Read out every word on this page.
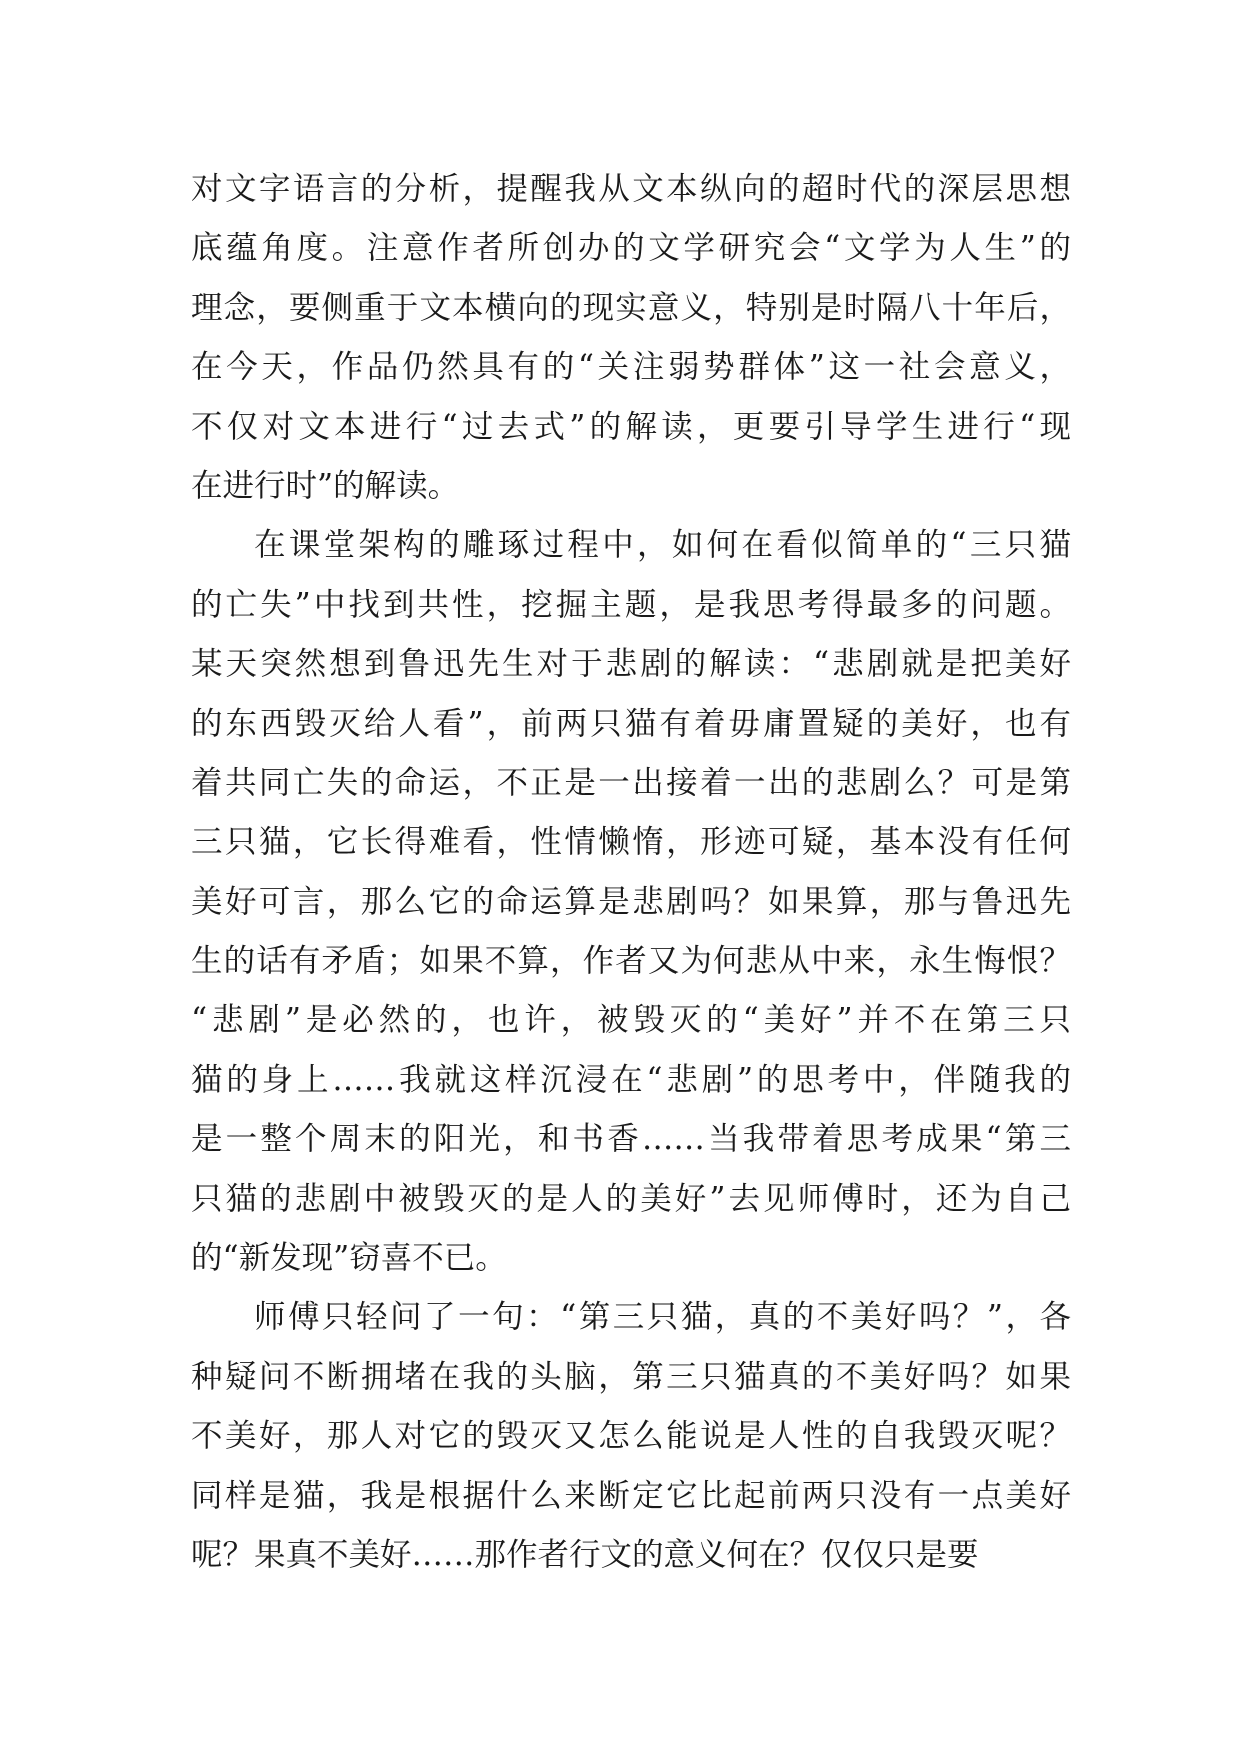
对文字语言的分析，提醒我从文本纵向的超时代的深层思想
底蕴角度。注意作者所创办的文学研究会“文学为人生”的
理念，要侧重于文本横向的现实意义，特别是时隔八十年后，
在今天，作品仍然具有的“关注弱势群体”这一社会意义，
不仅对文本进行“过去式”的解读，更要引导学生进行“现
在进行时”的解读。
在课堂架构的雕琢过程中，如何在看似简单的“三只猫
的亡失”中找到共性，挖掘主题，是我思考得最多的问题。
某天突然想到鲁迅先生对于悲剧的解读：“悲剧就是把美好
的东西毁灭给人看”，前两只猫有着毋庸置疑的美好，也有
着共同亡失的命运，不正是一出接着一出的悲剧么？可是第
三只猫，它长得难看，性情懒惰，形迹可疑，基本没有任何
美好可言，那么它的命运算是悲剧吗？如果算，那与鲁迅先
生的话有矛盾；如果不算，作者又为何悲从中来，永生悔恨？
“悲剧”是必然的，也许，被毁灭的“美好”并不在第三只
猫的身上……我就这样沉浸在“悲剧”的思考中，伴随我的
是一整个周末的阳光，和书香……当我带着思考成果“第三
只猫的悲剧中被毁灭的是人的美好”去见师傅时，还为自己
的“新发现”窃喜不已。
师傅只轻问了一句：“第三只猫，真的不美好吗？”，各
种疑问不断拥堵在我的头脑，第三只猫真的不美好吗？如果
不美好，那人对它的毁灭又怎么能说是人性的自我毁灭呢？
同样是猫，我是根据什么来断定它比起前两只没有一点美好
呢？果真不美好……那作者行文的意义何在？仅仅只是要
